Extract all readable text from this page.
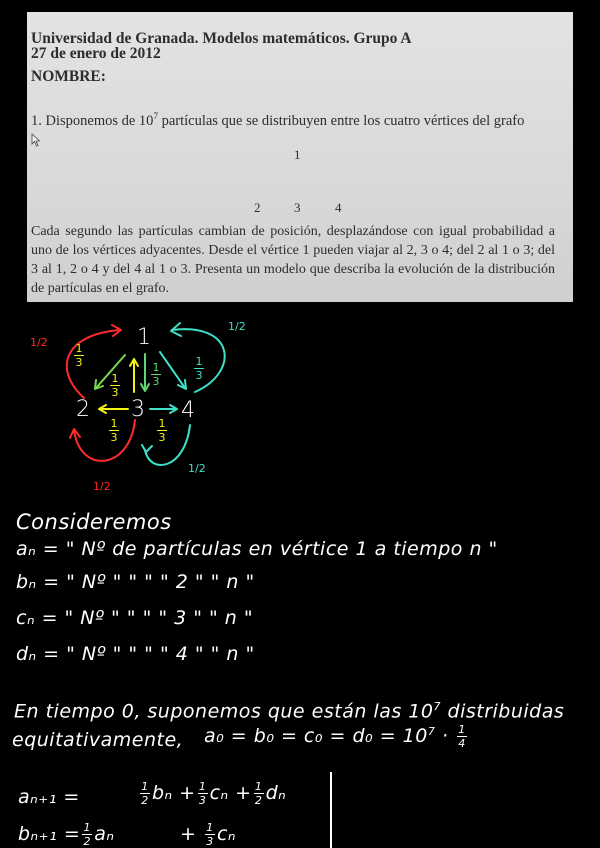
Universidad de Granada. Modelos matemáticos. Grupo A
27 de enero de 2012
NOMBRE:
1. Disponemos de $10^7$ partículas que se distribuyen entre los cuatro vértices del grafo
1
2	3	4
Cada segundo las partículas cambian de posición, desplazándose con igual probabilidad a uno de los vértices adyacentes. Desde el vértice 1 pueden viajar al 2, 3 o 4; del 2 al 1 o 3; del 3 al 1, 2 o 4 y del 4 al 1 o 3. Presenta un modelo que describa la evolución de la distribución de partículas en el grafo.
1
2 3 4
1/2
1/2
1/2
1/2
1
3
1
3
1
3
1
3
1
3
1
3
Consideremos
aₙ = " Nº de partículas en vértice 1 a tiempo n "
bₙ = " Nº " " " " 2 " " n "
cₙ = " Nº " " " " 3 " " n "
dₙ = " Nº " " " " 4 " " n "
En tiempo 0, suponemos que están las $10^7$ distribuidas
equitativamente, $a_0 = b_0 = c_0 = d_0 = 10^7 \cdot \frac{1}{4}$
aₙ₊₁ =	$\frac{1}{2}$ $b_n + \frac{1}{3}$ $c_n + \frac{1}{2}$ dₙ
$b_{n+1} = \frac{1}{2}$ aₙ	+ $\frac{1}{3}$ cₙ
